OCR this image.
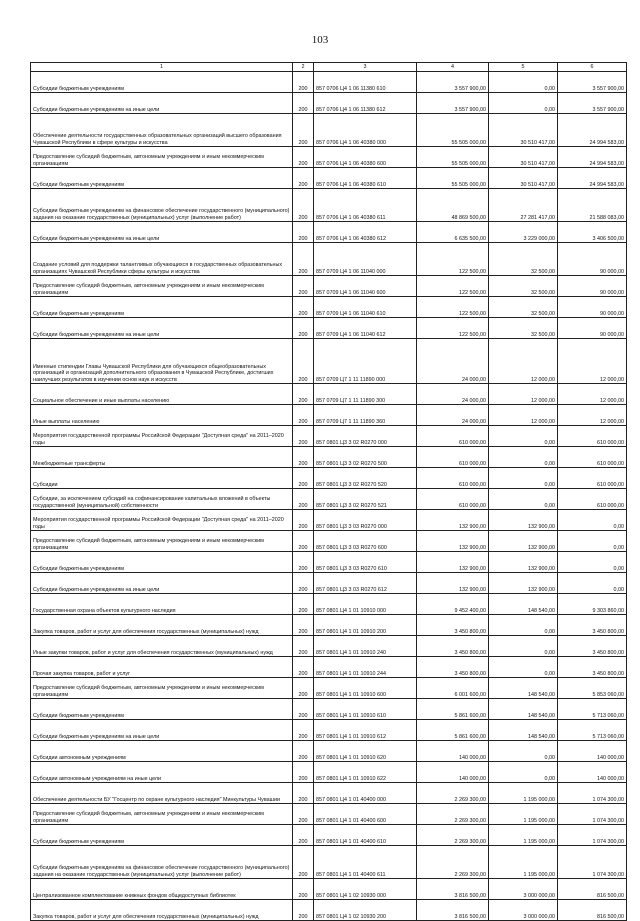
103
1	2	3	4	5	6
Субсидии бюджетным учреждениям	200	857 0706 Ц4 1 06 11380 610	3 557 900,00	0,00	3 557 900,00
Субсидии бюджетным учреждениям на иные цели	200	857 0706 Ц4 1 06 11380 612	3 557 900,00	0,00	3 557 900,00
Обеспечение деятельности государственных образовательных организаций высшего образования Чувашской Республики в сфере культуры и искусства	200	857 0706 Ц4 1 06 40380 000	55 505 000,00	30 510 417,00	24 994 583,00
Предоставление субсидий бюджетным, автономным учреждениям и иным некоммерческим организациям	200	857 0706 Ц4 1 06 40380 600	55 505 000,00	30 510 417,00	24 994 583,00
Субсидии бюджетным учреждениям	200	857 0706 Ц4 1 06 40380 610	55 505 000,00	30 510 417,00	24 994 583,00
Субсидии бюджетным учреждениям на финансовое обеспечение государственного (муниципального) задания на оказание государственных (муниципальных) услуг (выполнение работ)	200	857 0706 Ц4 1 06 40380 611	48 869 500,00	27 281 417,00	21 588 083,00
Субсидии бюджетным учреждениям на иные цели	200	857 0706 Ц4 1 06 40380 612	6 635 500,00	3 229 000,00	3 406 500,00
Создание условий для поддержки талантливых обучающихся в государственных образовательных организациях Чувашской Республики сферы культуры и искусства	200	857 0709 Ц4 1 06 11040 000	122 500,00	32 500,00	90 000,00
Предоставление субсидий бюджетным, автономным учреждениям и иным некоммерческим организациям	200	857 0709 Ц4 1 06 11040 600	122 500,00	32 500,00	90 000,00
Субсидии бюджетным учреждениям	200	857 0709 Ц4 1 06 11040 610	122 500,00	32 500,00	90 000,00
Субсидии бюджетным учреждениям на иные цели	200	857 0709 Ц4 1 06 11040 612	122 500,00	32 500,00	90 000,00
Именные стипендии Главы Чувашской Республики для обучающихся общеобразовательных организаций и организаций дополнительного образования в Чувашской Республике, достигших наилучших результатов в изучении основ наук и искусств	200	857 0709 Ц7 1 11 11890 000	24 000,00	12 000,00	12 000,00
Социальное обеспечение и иные выплаты населению	200	857 0709 Ц7 1 11 11890 300	24 000,00	12 000,00	12 000,00
Иные выплаты населению	200	857 0709 Ц7 1 11 11890 360	24 000,00	12 000,00	12 000,00
Мероприятия государственной программы Российской Федерации "Доступная среда" на 2011–2020 годы	200	857 0801 Ц3 3 02 R0270 000	610 000,00	0,00	610 000,00
Межбюджетные трансферты	200	857 0801 Ц3 3 02 R0270 500	610 000,00	0,00	610 000,00
Субсидии	200	857 0801 Ц3 3 02 R0270 520	610 000,00	0,00	610 000,00
Субсидии, за исключением субсидий на софинансирование капитальных вложений в объекты государственной (муниципальной) собственности	200	857 0801 Ц3 3 02 R0270 521	610 000,00	0,00	610 000,00
Мероприятия государственной программы Российской Федерации "Доступная среда" на 2011–2020 годы	200	857 0801 Ц3 3 03 R0270 000	132 900,00	132 900,00	0,00
Предоставление субсидий бюджетным, автономным учреждениям и иным некоммерческим организациям	200	857 0801 Ц3 3 03 R0270 600	132 900,00	132 900,00	0,00
Субсидии бюджетным учреждениям	200	857 0801 Ц3 3 03 R0270 610	132 900,00	132 900,00	0,00
Субсидии бюджетным учреждениям на иные цели	200	857 0801 Ц3 3 03 R0270 612	132 900,00	132 900,00	0,00
Государственная охрана объектов культурного наследия	200	857 0801 Ц4 1 01 10910 000	9 452 400,00	148 540,00	9 303 860,00
Закупка товаров, работ и услуг для обеспечения государственных (муниципальных) нужд	200	857 0801 Ц4 1 01 10910 200	3 450 800,00	0,00	3 450 800,00
Иные закупки товаров, работ и услуг для обеспечения государственных (муниципальных) нужд	200	857 0801 Ц4 1 01 10910 240	3 450 800,00	0,00	3 450 800,00
Прочая закупка товаров, работ и услуг	200	857 0801 Ц4 1 01 10910 244	3 450 800,00	0,00	3 450 800,00
Предоставление субсидий бюджетным, автономным учреждениям и иным некоммерческим организациям	200	857 0801 Ц4 1 01 10910 600	6 001 600,00	148 540,00	5 853 060,00
Субсидии бюджетным учреждениям	200	857 0801 Ц4 1 01 10910 610	5 861 600,00	148 540,00	5 713 060,00
Субсидии бюджетным учреждениям на иные цели	200	857 0801 Ц4 1 01 10910 612	5 861 600,00	148 540,00	5 713 060,00
Субсидии автономным учреждениям	200	857 0801 Ц4 1 01 10910 620	140 000,00	0,00	140 000,00
Субсидии автономным учреждениям на иные цели	200	857 0801 Ц4 1 01 10910 622	140 000,00	0,00	140 000,00
Обеспечение деятельности БУ "Госцентр по охране культурного наследия" Минкультуры Чувашии	200	857 0801 Ц4 1 01 40400 000	2 269 300,00	1 195 000,00	1 074 300,00
Предоставление субсидий бюджетным, автономным учреждениям и иным некоммерческим организациям	200	857 0801 Ц4 1 01 40400 600	2 269 300,00	1 195 000,00	1 074 300,00
Субсидии бюджетным учреждениям	200	857 0801 Ц4 1 01 40400 610	2 269 300,00	1 195 000,00	1 074 300,00
Субсидии бюджетным учреждениям на финансовое обеспечение государственного (муниципального) задания на оказание государственных (муниципальных) услуг (выполнение работ)	200	857 0801 Ц4 1 01 40400 611	2 269 300,00	1 195 000,00	1 074 300,00
Централизованное комплектование книжных фондов общедоступных библиотек	200	857 0801 Ц4 1 02 10930 000	3 816 500,00	3 000 000,00	816 500,00
Закупка товаров, работ и услуг для обеспечения государственных (муниципальных) нужд	200	857 0801 Ц4 1 02 10930 200	3 816 500,00	3 000 000,00	816 500,00
